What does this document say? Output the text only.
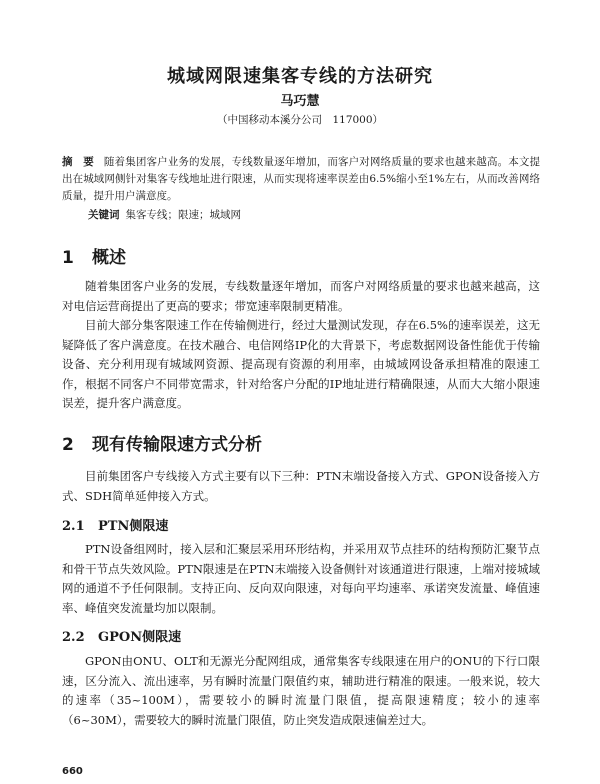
城域网限速集客专线的方法研究
马巧慧
（中国移动本溪分公司　117000）
摘　要 随着集团客户业务的发展，专线数量逐年增加，而客户对网络质量的要求也越来越高。本文提出在城域网侧针对集客专线地址进行限速，从而实现将速率误差由6.5%缩小至1%左右，从而改善网络质量，提升用户满意度。
关键词 集客专线；限速；城域网
1 概述

随着集团客户业务的发展，专线数量逐年增加，而客户对网络质量的要求也越来越高，这对电信运营商提出了更高的要求；带宽速率限制更精准。

目前大部分集客限速工作在传输侧进行，经过大量测试发现，存在6.5%的速率误差，这无疑降低了客户满意度。在技术融合、电信网络IP化的大背景下，考虑数据网设备性能优于传输设备、充分利用现有城域网资源、提高现有资源的利用率，由城域网设备承担精准的限速工作，根据不同客户不同带宽需求，针对给客户分配的IP地址进行精确限速，从而大大缩小限速误差，提升客户满意度。

2 现有传输限速方式分析

目前集团客户专线接入方式主要有以下三种：PTN末端设备接入方式、GPON设备接入方式、SDH简单延伸接入方式。

2.1 PTN侧限速

PTN设备组网时，接入层和汇聚层采用环形结构，并采用双节点挂环的结构预防汇聚节点和骨干节点失效风险。PTN限速是在PTN末端接入设备侧针对该通道进行限速，上端对接城域网的通道不予任何限制。支持正向、反向双向限速，对每向平均速率、承诺突发流量、峰值速率、峰值突发流量均加以限制。

2.2 GPON侧限速

GPON由ONU、OLT和无源光分配网组成，通常集客专线限速在用户的ONU的下行口限速，区分流入、流出速率，另有瞬时流量门限值约束，辅助进行精准的限速。一般来说，较大的速率（35~100M），需要较小的瞬时流量门限值，提高限速精度；较小的速率（6~30M），需要较大的瞬时流量门限值，防止突发造成限速偏差过大。

660
